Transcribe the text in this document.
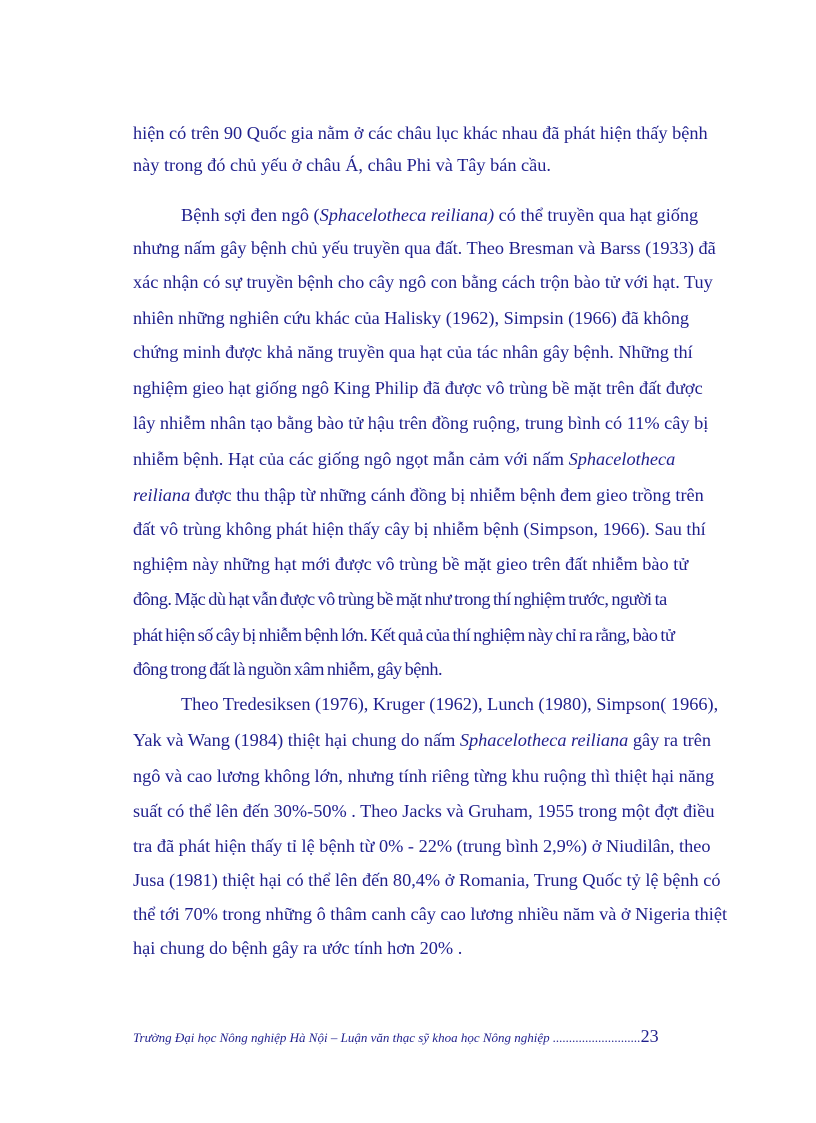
hiện có trên 90 Quốc gia nằm ở các châu lục khác nhau đã phát hiện thấy bệnh
này trong đó chủ yếu ở châu Á, châu Phi và Tây bán cầu.
Bệnh sợi đen ngô (Sphacelotheca reiliana) có thể truyền qua hạt giống
nhưng nấm gây bệnh chủ yếu truyền qua đất. Theo Bresman và Barss (1933) đã
xác nhận có sự truyền bệnh cho cây ngô con bằng cách trộn bào tử với hạt. Tuy
nhiên những nghiên cứu khác của Halisky (1962), Simpsin (1966) đã không
chứng minh được khả năng truyền qua hạt của tác nhân gây bệnh. Những thí
nghiệm gieo hạt giống ngô King Philip đã được vô trùng bề mặt trên đất được
lây nhiễm nhân tạo bằng bào tử hậu trên đồng ruộng, trung bình có 11% cây bị
nhiễm bệnh. Hạt của các giống ngô ngọt mẫn cảm với nấm Sphacelotheca
reiliana được thu thập từ những cánh đồng bị nhiễm bệnh đem gieo trồng trên
đất vô trùng không phát hiện thấy cây bị nhiễm bệnh (Simpson, 1966). Sau thí
nghiệm này những hạt mới được vô trùng bề mặt gieo trên đất nhiễm bào tử
đông. Mặc dù hạt vẫn được vô trùng bề mặt như trong thí nghiệm trước, người ta
phát hiện số cây bị nhiễm bệnh lớn. Kết quả của thí nghiệm này chỉ ra rằng, bào tử
đông trong đất là nguồn xâm nhiễm, gây bệnh.
Theo Tredesiksen (1976), Kruger (1962), Lunch (1980), Simpson( 1966),
Yak và Wang (1984) thiệt hại chung do nấm Sphacelotheca reiliana gây ra trên
ngô và cao lương không lớn, nhưng tính riêng từng khu ruộng thì thiệt hại năng
suất có thể lên đến 30%-50% . Theo Jacks và Gruham, 1955 trong một đợt điều
tra đã phát hiện thấy tỉ lệ bệnh từ 0% - 22% (trung bình 2,9%) ở Niudilân, theo
Jusa (1981) thiệt hại có thể lên đến 80,4% ở Romania, Trung Quốc tỷ lệ bệnh có
thể tới 70% trong những ô thâm canh cây cao lương nhiều năm và ở Nigeria thiệt
hại chung do bệnh gây ra ước tính hơn 20% .
Trường Đại học Nông nghiệp Hà Nội – Luận văn thạc sỹ khoa học Nông nghiệp ...........................23
